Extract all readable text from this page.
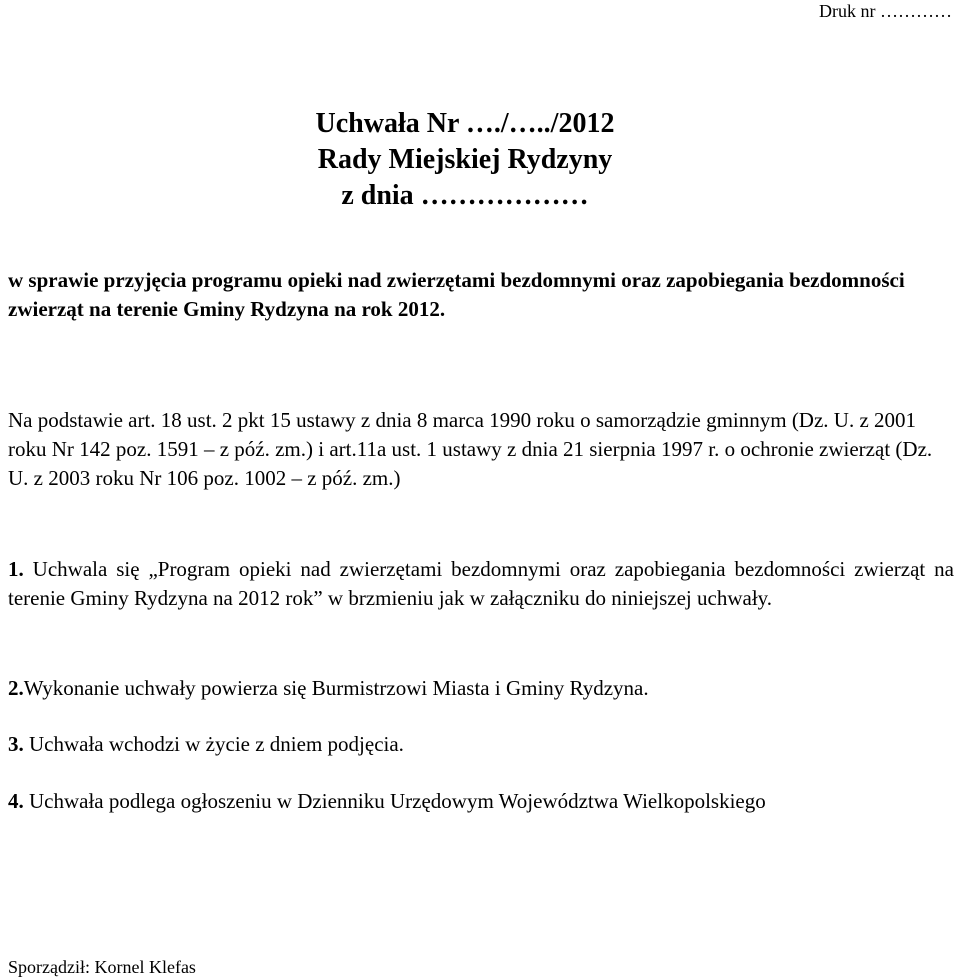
Druk nr …………
Uchwała Nr …./…../2012
Rady Miejskiej Rydzyny
z dnia ………………
w sprawie przyjęcia programu opieki nad zwierzętami bezdomnymi oraz zapobiegania bezdomności zwierząt na terenie Gminy Rydzyna na rok 2012.
Na podstawie art. 18 ust. 2 pkt 15 ustawy z dnia 8 marca 1990 roku o samorządzie gminnym (Dz. U. z 2001 roku Nr 142 poz. 1591 – z póź. zm.) i art.11a ust. 1 ustawy z dnia 21 sierpnia 1997 r. o ochronie zwierząt (Dz. U. z 2003 roku Nr 106 poz. 1002 – z póź. zm.)
1. Uchwala się „Program opieki nad zwierzętami bezdomnymi oraz zapobiegania bezdomności zwierząt na terenie Gminy Rydzyna na 2012 rok” w brzmieniu jak w załączniku do niniejszej uchwały.
2.Wykonanie uchwały powierza się Burmistrzowi Miasta i Gminy Rydzyna.
3. Uchwała wchodzi w życie z dniem podjęcia.
4. Uchwała podlega ogłoszeniu w Dzienniku Urzędowym Województwa Wielkopolskiego
Sporządził: Kornel Klefas
